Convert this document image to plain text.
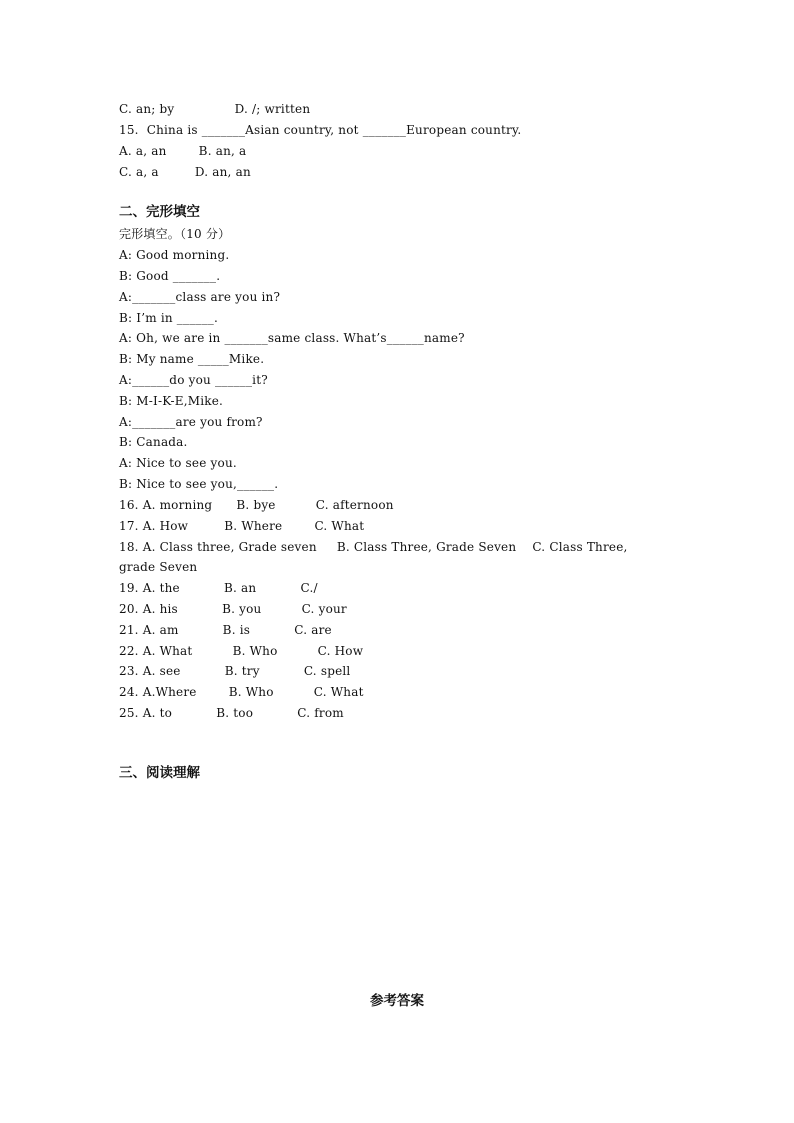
C. an; by               D. /; written
15.  China is _______Asian country, not _______European country.
A. a, an        B. an, a
C. a, a         D. an, an
二、完形填空
完形填空。（10 分）
A: Good morning.
B: Good _______.
A:_______class are you in?
B: I’m in ______.
A: Oh, we are in _______same class. What’s______name?
B: My name _____Mike.
A:______do you ______it?
B: M-I-K-E,Mike.
A:_______are you from?
B: Canada.
A: Nice to see you.
B: Nice to see you,______.
16. A. morning      B. bye          C. afternoon
17. A. How         B. Where        C. What
18. A. Class three, Grade seven     B. Class Three, Grade Seven    C. Class Three,
grade Seven
19. A. the           B. an           C./
20. A. his           B. you          C. your
21. A. am           B. is           C. are
22. A. What          B. Who          C. How
23. A. see           B. try           C. spell
24. A.Where        B. Who          C. What
25. A. to           B. too           C. from
三、阅读理解
参考答案
